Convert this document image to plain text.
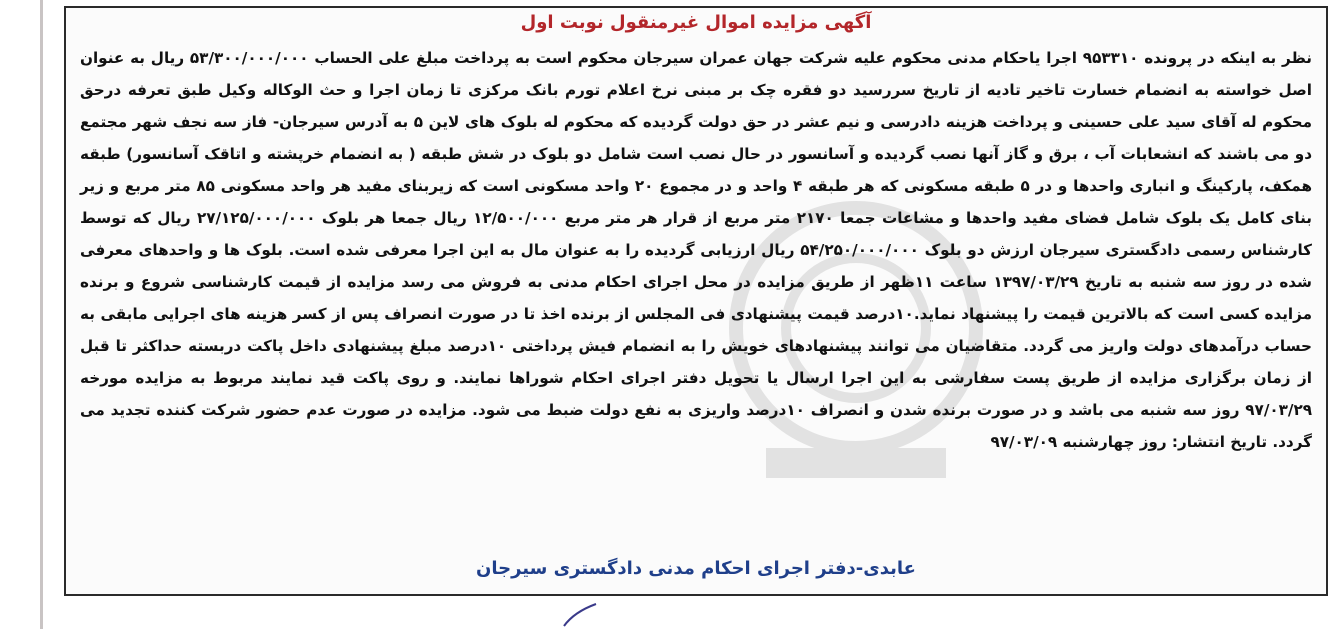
آگهی مزایده اموال غیرمنقول نوبت اول
نظر به اینکه در پرونده ۹۵۳۳۱۰ اجرا یاحکام مدنی محکوم علیه شرکت جهان عمران سیرجان محکوم است به پرداخت مبلغ علی الحساب ۵۳/۳۰۰/۰۰۰/۰۰۰ ریال به عنوان اصل خواسته به انضمام خسارت تاخیر تادیه از تاریخ سررسید دو فقره چک بر مبنی نرخ اعلام تورم بانک مرکزی تا زمان اجرا و حث الوکاله وکیل طبق تعرفه درحق محکوم له آقای سید علی حسینی و پرداخت هزینه دادرسی و نیم عشر در حق دولت گردیده که محکوم له بلوک های لاین ۵ به آدرس سیرجان- فاز سه نجف شهر مجتمع دو می باشند که انشعابات آب ، برق و گاز آنها نصب گردیده و آسانسور در حال نصب است شامل دو بلوک در شش طبقه ( به انضمام خرپشته و اتاقک آسانسور) طبقه همکف، پارکینگ و انباری واحدها و در ۵ طبقه مسکونی که هر طبقه ۴ واحد و در مجموع ۲۰ واحد مسکونی است که زیربنای مفید هر واحد مسکونی ۸۵ متر مربع و زیر بنای کامل یک بلوک شامل فضای مفید واحدها و مشاعات جمعا ۲۱۷۰ متر مربع از قرار هر متر مربع ۱۲/۵۰۰/۰۰۰ ریال جمعا هر بلوک ۲۷/۱۲۵/۰۰۰/۰۰۰ ریال که توسط کارشناس رسمی دادگستری سیرجان ارزش دو بلوک ۵۴/۲۵۰/۰۰۰/۰۰۰ ریال ارزیابی گردیده را به عنوان مال به این اجرا معرفی شده است. بلوک ها و واحدهای معرفی شده در روز سه شنبه به تاریخ ۱۳۹۷/۰۳/۲۹ ساعت ۱۱ظهر از طریق مزایده در محل اجرای احکام مدنی به فروش می رسد مزایده از قیمت کارشناسی شروع و برنده مزایده کسی است که بالاترین قیمت را پیشنهاد نماید.۱۰درصد قیمت پیشنهادی فی المجلس از برنده اخذ تا در صورت انصراف پس از کسر هزینه های اجرایی مابقی به حساب درآمدهای دولت واریز می گردد. متقاضیان می توانند پیشنهادهای خویش را به انضمام فیش پرداختی ۱۰درصد مبلغ پیشنهادی داخل پاکت دربسته حداکثر تا قبل از زمان برگزاری مزایده از طریق پست سفارشی به این اجرا ارسال یا تحویل دفتر اجرای احکام شوراها نمایند. و روی پاکت قید نمایند مربوط به مزایده مورخه ۹۷/۰۳/۲۹ روز سه شنبه می باشد و در صورت برنده شدن و انصراف ۱۰درصد واریزی به نفع دولت ضبط می شود. مزایده در صورت عدم حضور شرکت کننده تجدید می گردد. تاریخ انتشار: روز چهارشنبه ۹۷/۰۳/۰۹
عابدی-دفتر اجرای احکام مدنی دادگستری سیرجان
